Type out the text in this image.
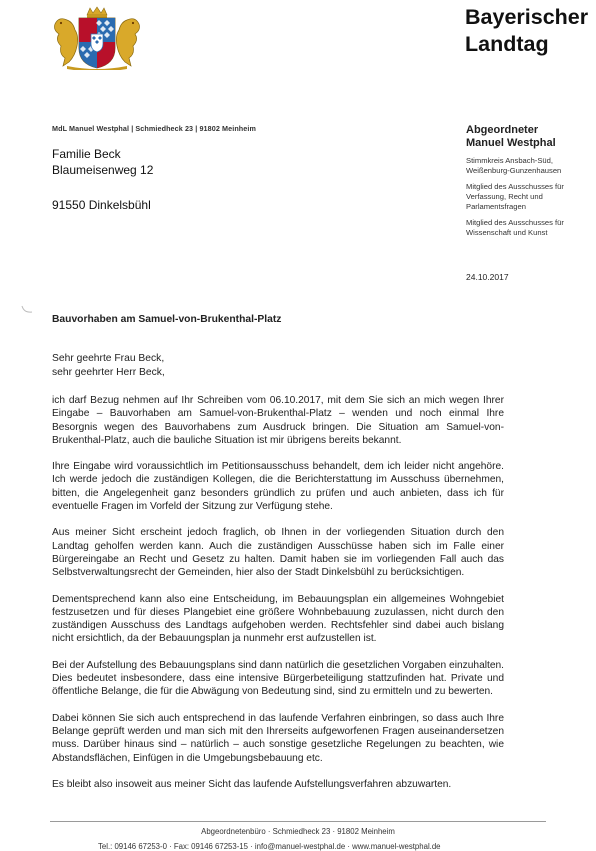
Bayerischer
Landtag
MdL Manuel Westphal | Schmiedheck 23 | 91802 Meinheim
Familie Beck
Blaumeisenweg 12
91550 Dinkelsbühl
Abgeordneter
Manuel Westphal
Stimmkreis Ansbach-Süd,
Weißenburg-Gunzenhausen
Mitglied des Ausschusses für
Verfassung, Recht und
Parlamentsfragen
Mitglied des Ausschusses für
Wissenschaft und Kunst
24.10.2017
Bauvorhaben am Samuel-von-Brukenthal-Platz
Sehr geehrte Frau Beck,
sehr geehrter Herr Beck,

ich darf Bezug nehmen auf Ihr Schreiben vom 06.10.2017, mit dem Sie sich an mich wegen Ihrer Eingabe – Bauvorhaben am Samuel-von-Brukenthal-Platz – wenden und noch einmal Ihre Besorgnis wegen des Bauvorhabens zum Ausdruck bringen. Die Situation am Samuel-von-Brukenthal-Platz, auch die bauliche Situation ist mir übrigens bereits bekannt.

Ihre Eingabe wird voraussichtlich im Petitionsausschuss behandelt, dem ich leider nicht angehöre. Ich werde jedoch die zuständigen Kollegen, die die Berichterstattung im Ausschuss übernehmen, bitten, die Angelegenheit ganz besonders gründlich zu prüfen und auch anbieten, dass ich für eventuelle Fragen im Vorfeld der Sitzung zur Verfügung stehe.

Aus meiner Sicht erscheint jedoch fraglich, ob Ihnen in der vorliegenden Situation durch den Landtag geholfen werden kann. Auch die zuständigen Ausschüsse haben sich im Falle einer Bürgereingabe an Recht und Gesetz zu halten. Damit haben sie im vorliegenden Fall auch das Selbstverwaltungsrecht der Gemeinden, hier also der Stadt Dinkelsbühl zu berücksichtigen.

Dementsprechend kann also eine Entscheidung, im Bebauungsplan ein allgemeines Wohngebiet festzusetzen und für dieses Plangebiet eine größere Wohnbebauung zuzulassen, nicht durch den zuständigen Ausschuss des Landtags aufgehoben werden. Rechtsfehler sind dabei auch bislang nicht ersichtlich, da der Bebauungsplan ja nunmehr erst aufzustellen ist.

Bei der Aufstellung des Bebauungsplans sind dann natürlich die gesetzlichen Vorgaben einzuhalten. Dies bedeutet insbesondere, dass eine intensive Bürgerbeteiligung stattzufinden hat. Private und öffentliche Belange, die für die Abwägung von Bedeutung sind, sind zu ermitteln und zu bewerten.

Dabei können Sie sich auch entsprechend in das laufende Verfahren einbringen, so dass auch Ihre Belange geprüft werden und man sich mit den Ihrerseits aufgeworfenen Fragen auseinandersetzen muss. Darüber hinaus sind – natürlich – auch sonstige gesetzliche Regelungen zu beachten, wie Abstandsflächen, Einfügen in die Umgebungsbebauung etc.

Es bleibt also insoweit aus meiner Sicht das laufende Aufstellungsverfahren abzuwarten.

Abgeordnetenbüro · Schmiedheck 23 · 91802 Meinheim
Tel.: 09146 67253-0 · Fax: 09146 67253-15 · info@manuel-westphal.de · www.manuel-westphal.de
